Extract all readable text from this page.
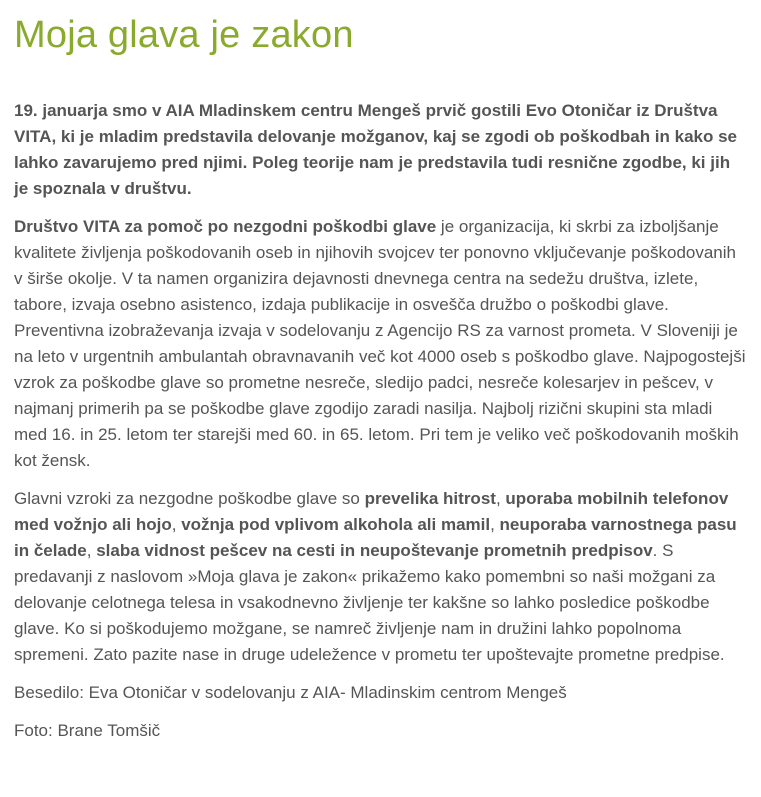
Moja glava je zakon

19. januarja smo v AIA Mladinskem centru Mengeš prvič gostili Evo Otoničar iz Društva VITA, ki je mladim predstavila delovanje možganov, kaj se zgodi ob poškodbah in kako se lahko zavarujemo pred njimi. Poleg teorije nam je predstavila tudi resnične zgodbe, ki jih je spoznala v društvu.

Društvo VITA za pomoč po nezgodni poškodbi glave je organizacija, ki skrbi za izboljšanje kvalitete življenja poškodovanih oseb in njihovih svojcev ter ponovno vključevanje poškodovanih v širše okolje. V ta namen organizira dejavnosti dnevnega centra na sedežu društva, izlete, tabore, izvaja osebno asistenco, izdaja publikacije in osvešča družbo o poškodbi glave. Preventivna izobraževanja izvaja v sodelovanju z Agencijo RS za varnost prometa. V Sloveniji je na leto v urgentnih ambulantah obravnavanih več kot 4000 oseb s poškodbo glave. Najpogostejši vzrok za poškodbe glave so prometne nesreče, sledijo padci, nesreče kolesarjev in pešcev, v najmanj primerih pa se poškodbe glave zgodijo zaradi nasilja. Najbolj rizični skupini sta mladi med 16. in 25. letom ter starejši med 60. in 65. letom. Pri tem je veliko več poškodovanih moških kot žensk.

Glavni vzroki za nezgodne poškodbe glave so prevelika hitrost, uporaba mobilnih telefonov med vožnjo ali hojo, vožnja pod vplivom alkohola ali mamil, neuporaba varnostnega pasu in čelade, slaba vidnost pešcev na cesti in neupoštevanje prometnih predpisov. S predavanji z naslovom »Moja glava je zakon« prikažemo kako pomembni so naši možgani za delovanje celotnega telesa in vsakodnevno življenje ter kakšne so lahko posledice poškodbe glave. Ko si poškodujemo možgane, se namreč življenje nam in družini lahko popolnoma spremeni. Zato pazite nase in druge udeležence v prometu ter upoštevajte prometne predpise.

Besedilo: Eva Otoničar v sodelovanju z AIA- Mladinskim centrom Mengeš

Foto: Brane Tomšič
